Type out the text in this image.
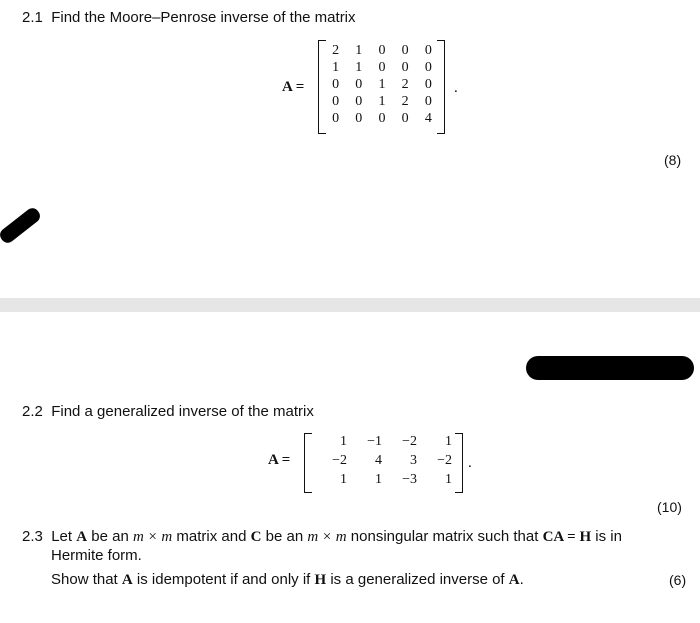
2.1 Find the Moore–Penrose inverse of the matrix
A =
2	1	0	0	0
1	1	0	0	0
0	0	1	2	0
0	0	1	2	0
0	0	0	0	4
.
(8)
2.2 Find a generalized inverse of the matrix
A =
1	−1	−2	1
−2	4	3	−2
1	1	−3	1
.
(10)
2.3 Let A be an m × m matrix and C be an m × m nonsingular matrix such that CA = H is in
Hermite form.
Show that A is idempotent if and only if H is a generalized inverse of A.	(6)
